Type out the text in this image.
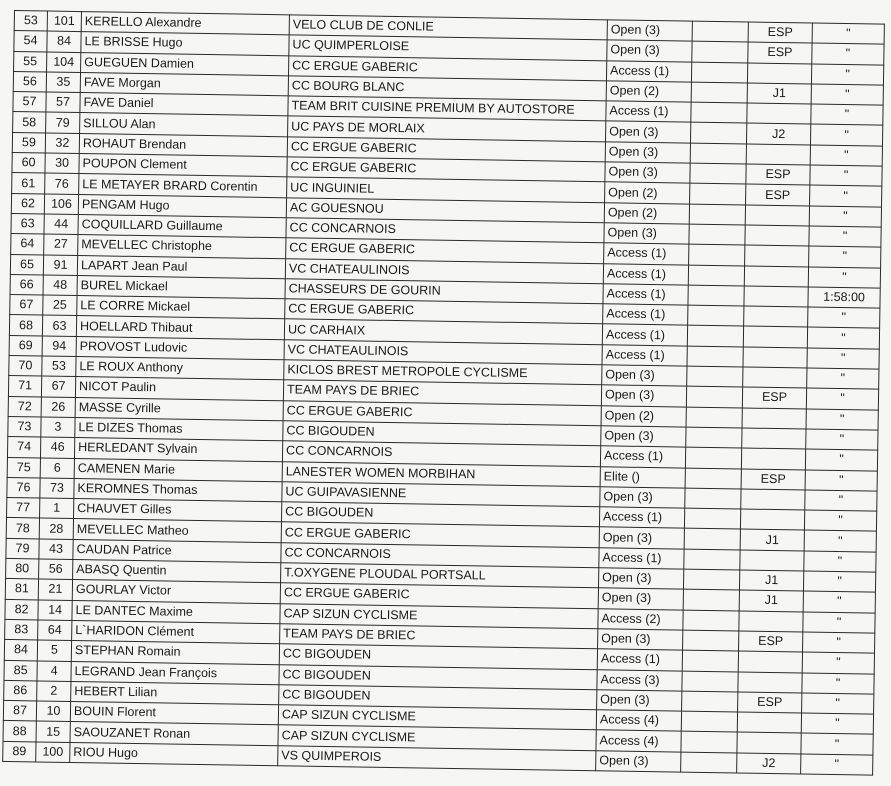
53	101	KERELLO Alexandre	VELO CLUB DE CONLIE	Open (3)		ESP	"
54	84	LE BRISSE Hugo	UC QUIMPERLOISE	Open (3)		ESP	"
55	104	GUEGUEN Damien	CC ERGUE GABERIC	Access (1)			"
56	35	FAVE Morgan	CC BOURG BLANC	Open (2)		J1	"
57	57	FAVE Daniel	TEAM BRIT CUISINE PREMIUM BY AUTOSTORE	Access (1)			"
58	79	SILLOU Alan	UC PAYS DE MORLAIX	Open (3)		J2	"
59	32	ROHAUT Brendan	CC ERGUE GABERIC	Open (3)			"
60	30	POUPON Clement	CC ERGUE GABERIC	Open (3)		ESP	"
61	76	LE METAYER BRARD Corentin	UC INGUINIEL	Open (2)		ESP	"
62	106	PENGAM Hugo	AC GOUESNOU	Open (2)			"
63	44	COQUILLARD Guillaume	CC CONCARNOIS	Open (3)			"
64	27	MEVELLEC Christophe	CC ERGUE GABERIC	Access (1)			"
65	91	LAPART Jean Paul	VC CHATEAULINOIS	Access (1)			"
66	48	BUREL Mickael	CHASSEURS DE GOURIN	Access (1)			1:58:00
67	25	LE CORRE Mickael	CC ERGUE GABERIC	Access (1)			"
68	63	HOELLARD Thibaut	UC CARHAIX	Access (1)			"
69	94	PROVOST Ludovic	VC CHATEAULINOIS	Access (1)			"
70	53	LE ROUX Anthony	KICLOS BREST METROPOLE CYCLISME	Open (3)			"
71	67	NICOT Paulin	TEAM PAYS DE BRIEC	Open (3)		ESP	"
72	26	MASSE Cyrille	CC ERGUE GABERIC	Open (2)			"
73	3	LE DIZES Thomas	CC BIGOUDEN	Open (3)			"
74	46	HERLEDANT Sylvain	CC CONCARNOIS	Access (1)			"
75	6	CAMENEN Marie	LANESTER WOMEN MORBIHAN	Elite ()		ESP	"
76	73	KEROMNES Thomas	UC GUIPAVASIENNE	Open (3)			"
77	1	CHAUVET Gilles	CC BIGOUDEN	Access (1)			"
78	28	MEVELLEC Matheo	CC ERGUE GABERIC	Open (3)		J1	"
79	43	CAUDAN Patrice	CC CONCARNOIS	Access (1)			"
80	56	ABASQ Quentin	T.OXYGENE PLOUDAL PORTSALL	Open (3)		J1	"
81	21	GOURLAY Victor	CC ERGUE GABERIC	Open (3)		J1	"
82	14	LE DANTEC Maxime	CAP SIZUN CYCLISME	Access (2)			"
83	64	L`HARIDON Clément	TEAM PAYS DE BRIEC	Open (3)		ESP	"
84	5	STEPHAN Romain	CC BIGOUDEN	Access (1)			"
85	4	LEGRAND Jean François	CC BIGOUDEN	Access (3)			"
86	2	HEBERT Lilian	CC BIGOUDEN	Open (3)		ESP	"
87	10	BOUIN Florent	CAP SIZUN CYCLISME	Access (4)			"
88	15	SAOUZANET Ronan	CAP SIZUN CYCLISME	Access (4)			"
89	100	RIOU Hugo	VS QUIMPEROIS	Open (3)		J2	"
